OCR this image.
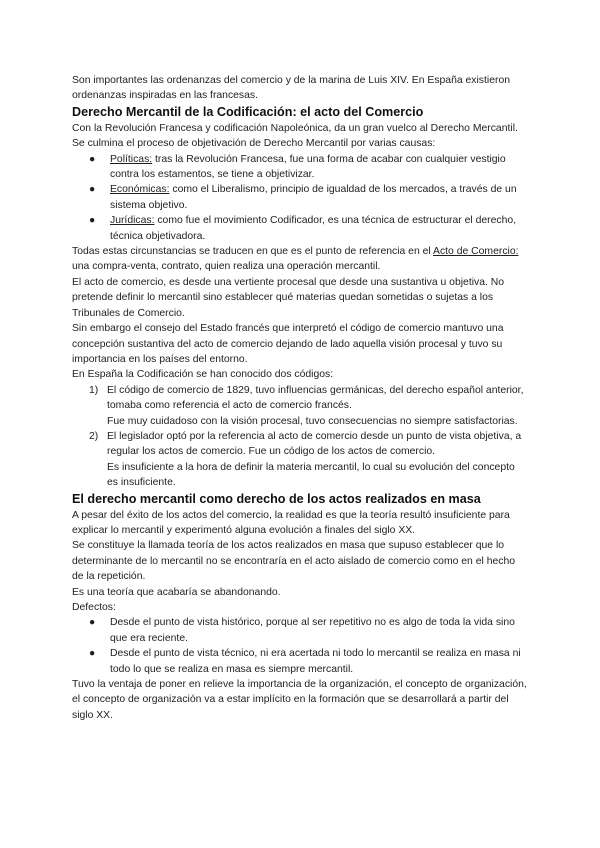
Son importantes las ordenanzas del comercio y de la marina de Luis XIV. En España existieron ordenanzas inspiradas en las francesas.

Derecho Mercantil de la Codificación: el acto del Comercio

Con la Revolución Francesa y codificación Napoleónica, da un gran vuelco al Derecho Mercantil. Se culmina el proceso de objetivación de Derecho Mercantil por varias causas:

● Políticas: tras la Revolución Francesa, fue una forma de acabar con cualquier vestigio contra los estamentos, se tiene a objetivizar.
● Económicas: como el Liberalismo, principio de igualdad de los mercados, a través de un sistema objetivo.
● Jurídicas: como fue el movimiento Codificador, es una técnica de estructurar el derecho, técnica objetivadora.

Todas estas circunstancias se traducen en que es el punto de referencia en el Acto de Comercio: una compra-venta, contrato, quien realiza una operación mercantil.

El acto de comercio, es desde una vertiente procesal que desde una sustantiva u objetiva. No pretende definir lo mercantil sino establecer qué materias quedan sometidas o sujetas a los Tribunales de Comercio.

Sin embargo el consejo del Estado francés que interpretó el código de comercio mantuvo una concepción sustantiva del acto de comercio dejando de lado aquella visión procesal y tuvo su importancia en los países del entorno.

En España la Codificación se han conocido dos códigos:

1) El código de comercio de 1829, tuvo influencias germánicas, del derecho español anterior, tomaba como referencia el acto de comercio francés.

Fue muy cuidadoso con la visión procesal, tuvo consecuencias no siempre satisfactorias.

2) El legislador optó por la referencia al acto de comercio desde un punto de vista objetiva, a regular los actos de comercio. Fue un código de los actos de comercio.

Es insuficiente a la hora de definir la materia mercantil, lo cual su evolución del concepto es insuficiente.

El derecho mercantil como derecho de los actos realizados en masa

A pesar del éxito de los actos del comercio, la realidad es que la teoría resultó insuficiente para explicar lo mercantil y experimentó alguna evolución a finales del siglo XX.

Se constituye la llamada teoría de los actos realizados en masa que supuso establecer que lo determinante de lo mercantil no se encontraría en el acto aislado de comercio como en el hecho de la repetición.

Es una teoría que acabaría se abandonando.

Defectos:

● Desde el punto de vista histórico, porque al ser repetitivo no es algo de toda la vida sino que era reciente.
● Desde el punto de vista técnico, ni era acertada ni todo lo mercantil se realiza en masa ni todo lo que se realiza en masa es siempre mercantil.

Tuvo la ventaja de poner en relieve la importancia de la organización, el concepto de organización, el concepto de organización va a estar implícito en la formación que se desarrollará a partir del siglo XX.
